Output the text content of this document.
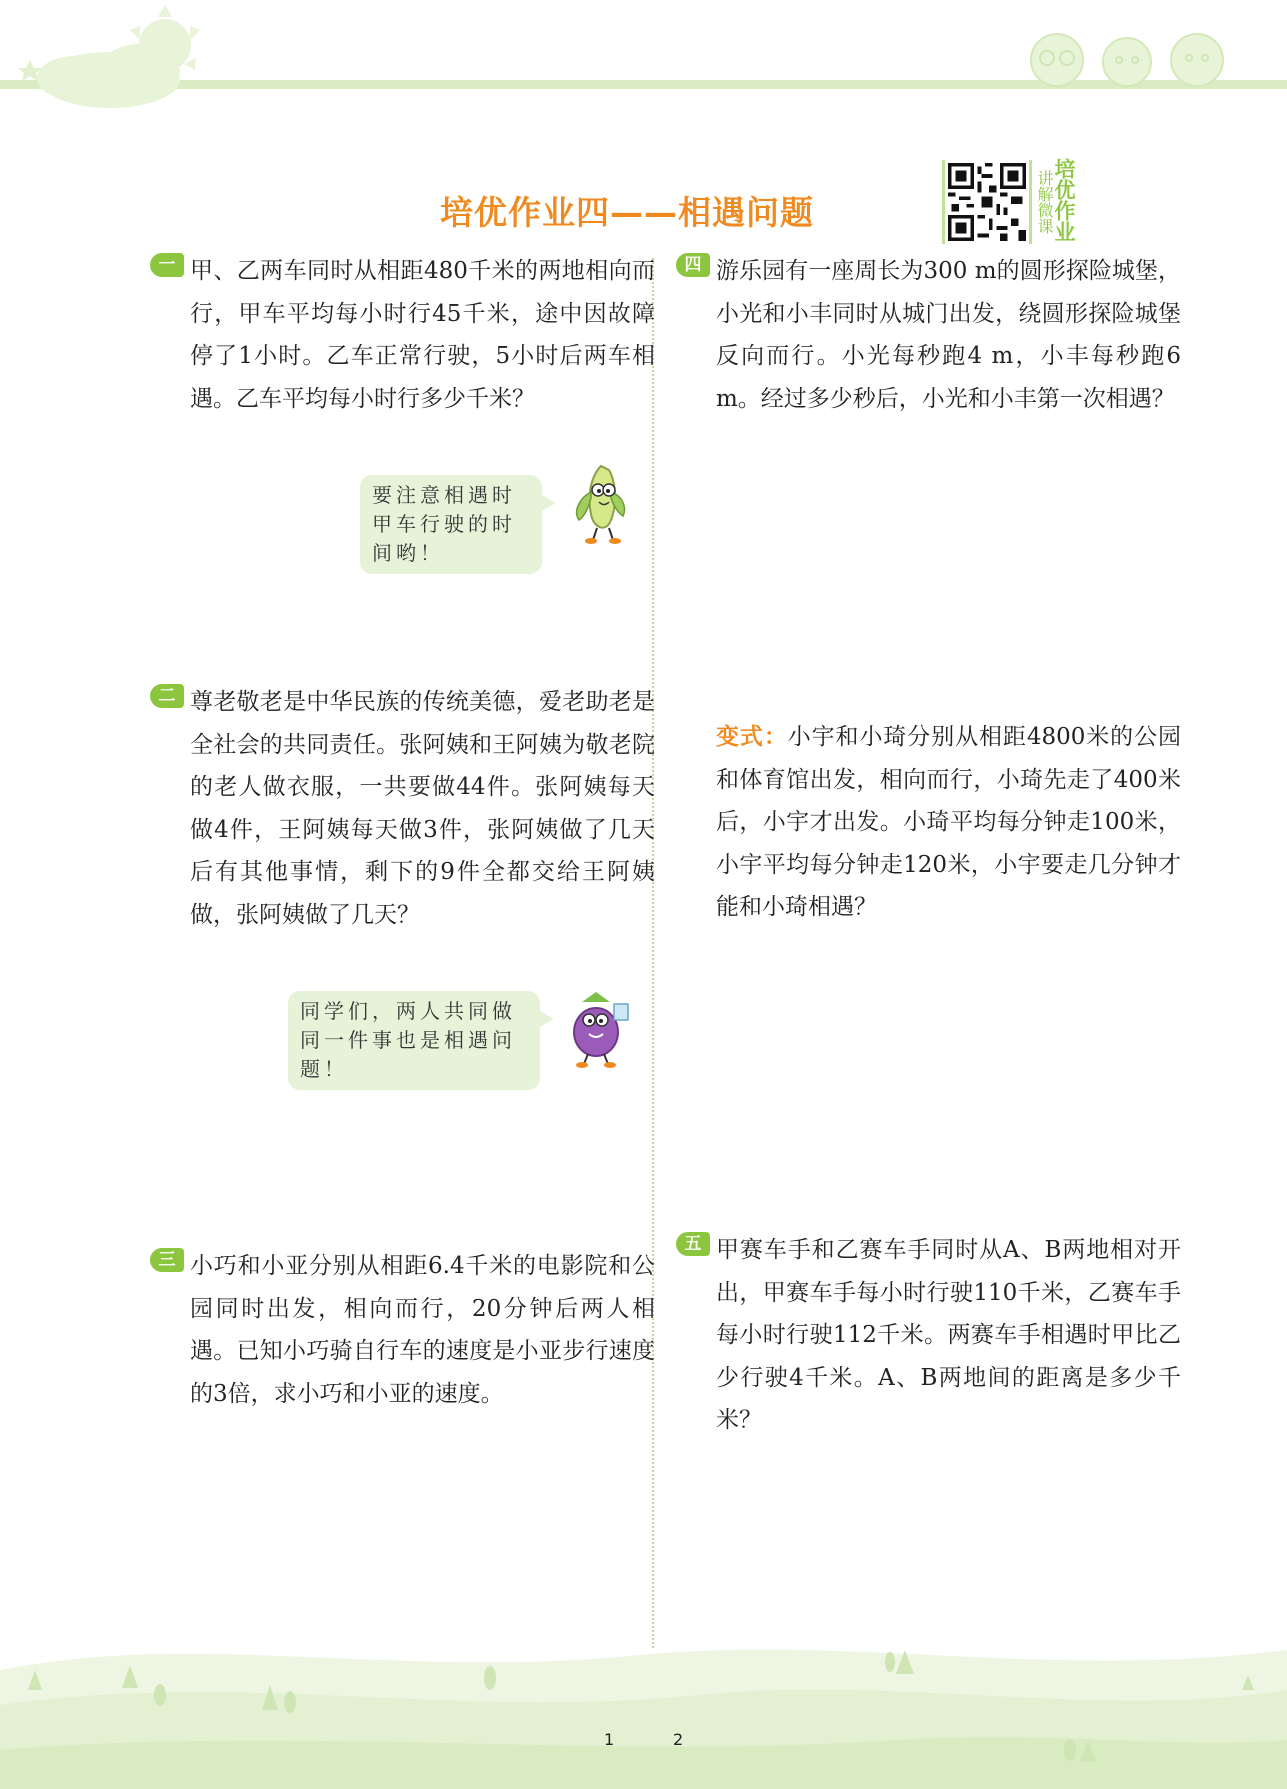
培优作业四——相遇问题	讲解微课
培优作业
一 甲、乙两车同时从相距480千米的两地相向而行，甲车平均每小时行45千米，途中因故障停了1小时。乙车正常行驶，5小时后两车相遇。乙车平均每小时行多少千米？

要注意相遇时甲车行驶的时间哟！
二 尊老敬老是中华民族的传统美德，爱老助老是全社会的共同责任。张阿姨和王阿姨为敬老院的老人做衣服，一共要做44件。张阿姨每天做4件，王阿姨每天做3件，张阿姨做了几天后有其他事情，剩下的9件全都交给王阿姨做，张阿姨做了几天？

同学们，两人共同做同一件事也是相遇问题！
三 小巧和小亚分别从相距6.4千米的电影院和公园同时出发，相向而行，20分钟后两人相遇。已知小巧骑自行车的速度是小亚步行速度的3倍，求小巧和小亚的速度。

四 游乐园有一座周长为300 m的圆形探险城堡，小光和小丰同时从城门出发，绕圆形探险城堡反向而行。小光每秒跑4 m，小丰每秒跑6 m。经过多少秒后，小光和小丰第一次相遇？

变式：小宇和小琦分别从相距4800米的公园和体育馆出发，相向而行，小琦先走了400米后，小宇才出发。小琦平均每分钟走100米，小宇平均每分钟走120米，小宇要走几分钟才能和小琦相遇？

五 甲赛车手和乙赛车手同时从A、B两地相对开出，甲赛车手每小时行驶110千米，乙赛车手每小时行驶112千米。两赛车手相遇时甲比乙少行驶4千米。A、B两地间的距离是多少千米？

1	2
